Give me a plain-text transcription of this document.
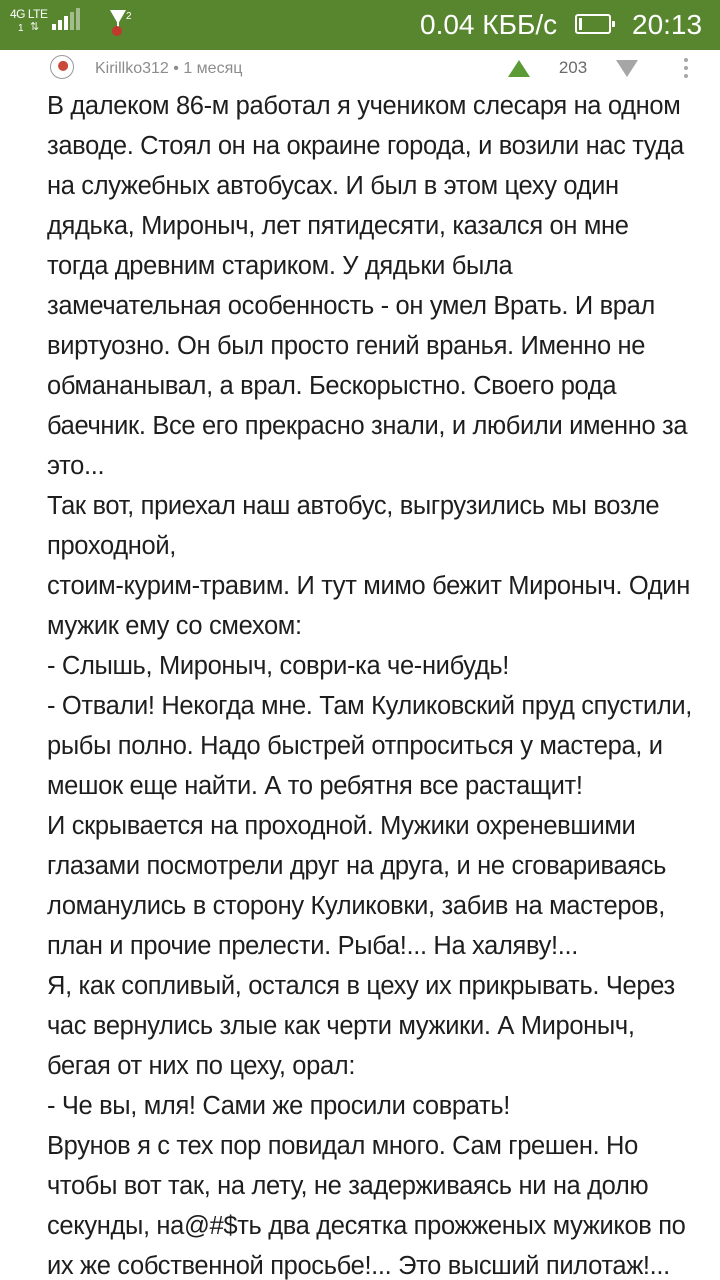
4G LTE
1 ⇅
2	0.04 КББ/с	20:13
Kirillko312 • 1 месяц	203
В далеком 86-м работал я учеником слесаря на одном
заводе. Стоял он на окраине города, и возили нас туда
на служебных автобусах. И был в этом цеху один
дядька, Мироныч, лет пятидесяти, казался он мне
тогда древним стариком. У дядьки была
замечательная особенность - он умел Врать. И врал
виртуозно. Он был просто гений вранья. Именно не
обмананывал, а врал. Бескорыстно. Своего рода
баечник. Все его прекрасно знали, и любили именно за
это...
Так вот, приехал наш автобус, выгрузились мы возле
проходной,
стоим-курим-травим. И тут мимо бежит Мироныч. Один
мужик ему со смехом:
- Слышь, Мироныч, соври-ка че-нибудь!
- Отвали! Некогда мне. Там Куликовский пруд спустили,
рыбы полно. Надо быстрей отпроситься у мастера, и
мешок еще найти. А то ребятня все растащит!
И скрывается на проходной. Мужики охреневшими
глазами посмотрели друг на друга, и не сговариваясь
ломанулись в сторону Куликовки, забив на мастеров,
план и прочие прелести. Рыба!... На халяву!...
Я, как сопливый, остался в цеху их прикрывать. Через
час вернулись злые как черти мужики. А Мироныч,
бегая от них по цеху, орал:
- Че вы, мля! Сами же просили соврать!
Врунов я с тех пор повидал много. Сам грешен. Но
чтобы вот так, на лету, не задерживаясь ни на долю
секунды, на@#$ть два десятка прожженых мужиков по
их же собственной просьбе!... Это высший пилотаж!...
